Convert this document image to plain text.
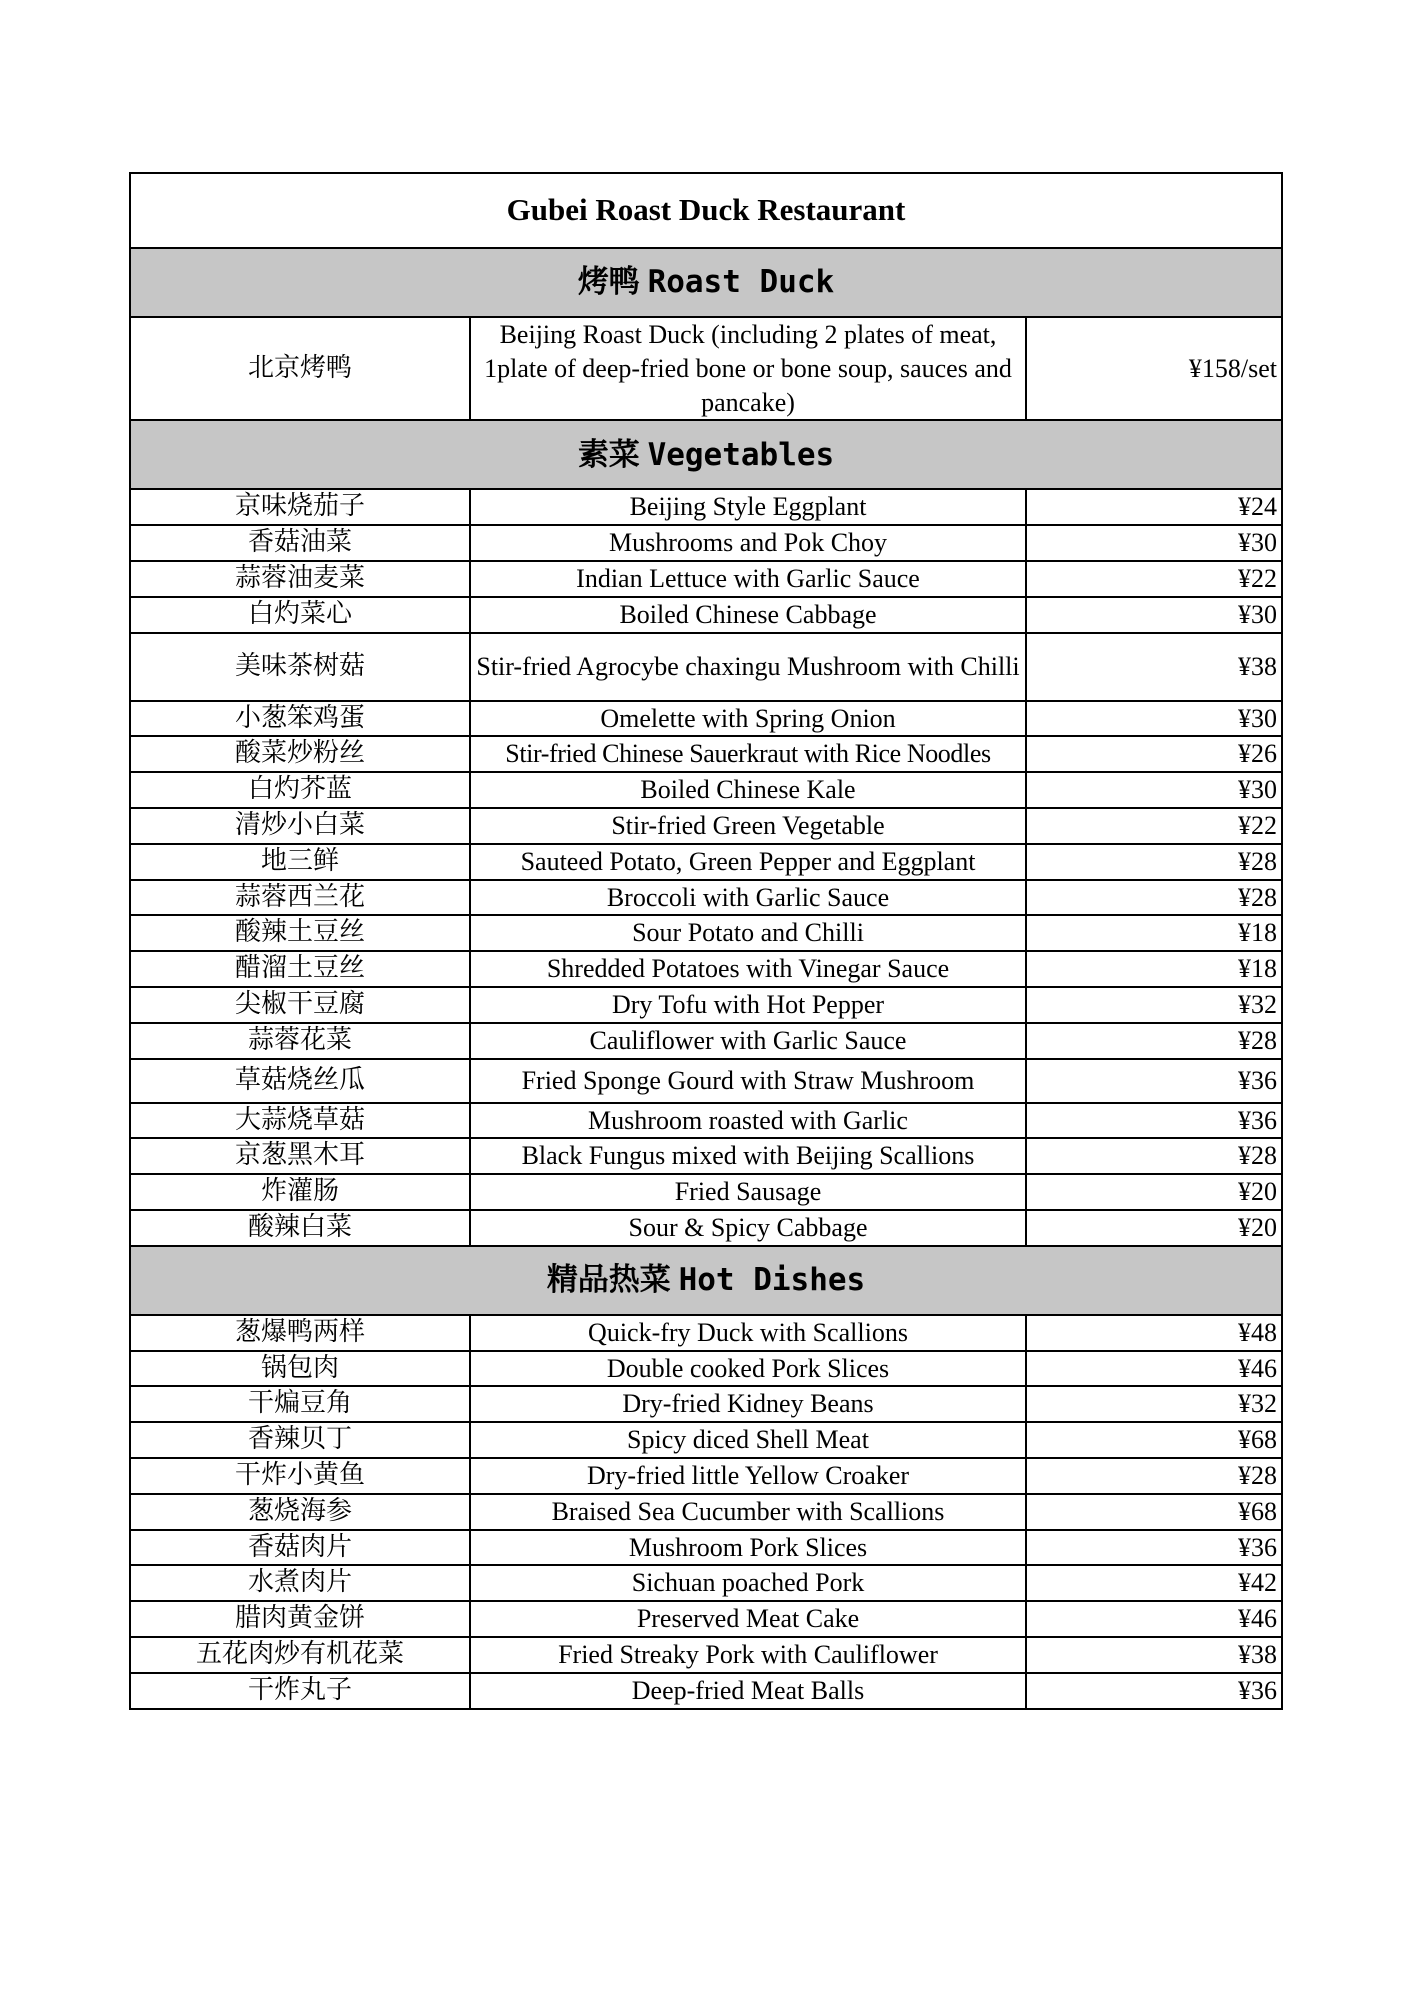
Gubei Roast Duck Restaurant		
烤鸭 Roast Duck		
北京烤鸭	Beijing Roast Duck (including 2 plates of meat, 1plate of deep-fried bone or bone soup, sauces and pancake)	¥158/set
素菜 Vegetables		
京味烧茄子	Beijing Style Eggplant	¥24
香菇油菜	Mushrooms and Pok Choy	¥30
蒜蓉油麦菜	Indian Lettuce with Garlic Sauce	¥22
白灼菜心	Boiled Chinese Cabbage	¥30
美味茶树菇	Stir-fried Agrocybe chaxingu Mushroom with Chilli	¥38
小葱笨鸡蛋	Omelette with Spring Onion	¥30
酸菜炒粉丝	Stir-fried Chinese Sauerkraut with Rice Noodles	¥26
白灼芥蓝	Boiled Chinese Kale	¥30
清炒小白菜	Stir-fried Green Vegetable	¥22
地三鲜	Sauteed Potato, Green Pepper and Eggplant	¥28
蒜蓉西兰花	Broccoli with Garlic Sauce	¥28
酸辣土豆丝	Sour Potato and Chilli	¥18
醋溜土豆丝	Shredded Potatoes with Vinegar Sauce	¥18
尖椒干豆腐	Dry Tofu with Hot Pepper	¥32
蒜蓉花菜	Cauliflower with Garlic Sauce	¥28
草菇烧丝瓜	Fried Sponge Gourd with Straw Mushroom	¥36
大蒜烧草菇	Mushroom roasted with Garlic	¥36
京葱黑木耳	Black Fungus mixed with Beijing Scallions	¥28
炸灌肠	Fried Sausage	¥20
酸辣白菜	Sour & Spicy Cabbage	¥20
精品热菜 Hot Dishes		
葱爆鸭两样	Quick-fry Duck with Scallions	¥48
锅包肉	Double cooked Pork Slices	¥46
干煸豆角	Dry-fried Kidney Beans	¥32
香辣贝丁	Spicy diced Shell Meat	¥68
干炸小黄鱼	Dry-fried little Yellow Croaker	¥28
葱烧海参	Braised Sea Cucumber with Scallions	¥68
香菇肉片	Mushroom Pork Slices	¥36
水煮肉片	Sichuan poached Pork	¥42
腊肉黄金饼	Preserved Meat Cake	¥46
五花肉炒有机花菜	Fried Streaky Pork with Cauliflower	¥38
干炸丸子	Deep-fried Meat Balls	¥36
